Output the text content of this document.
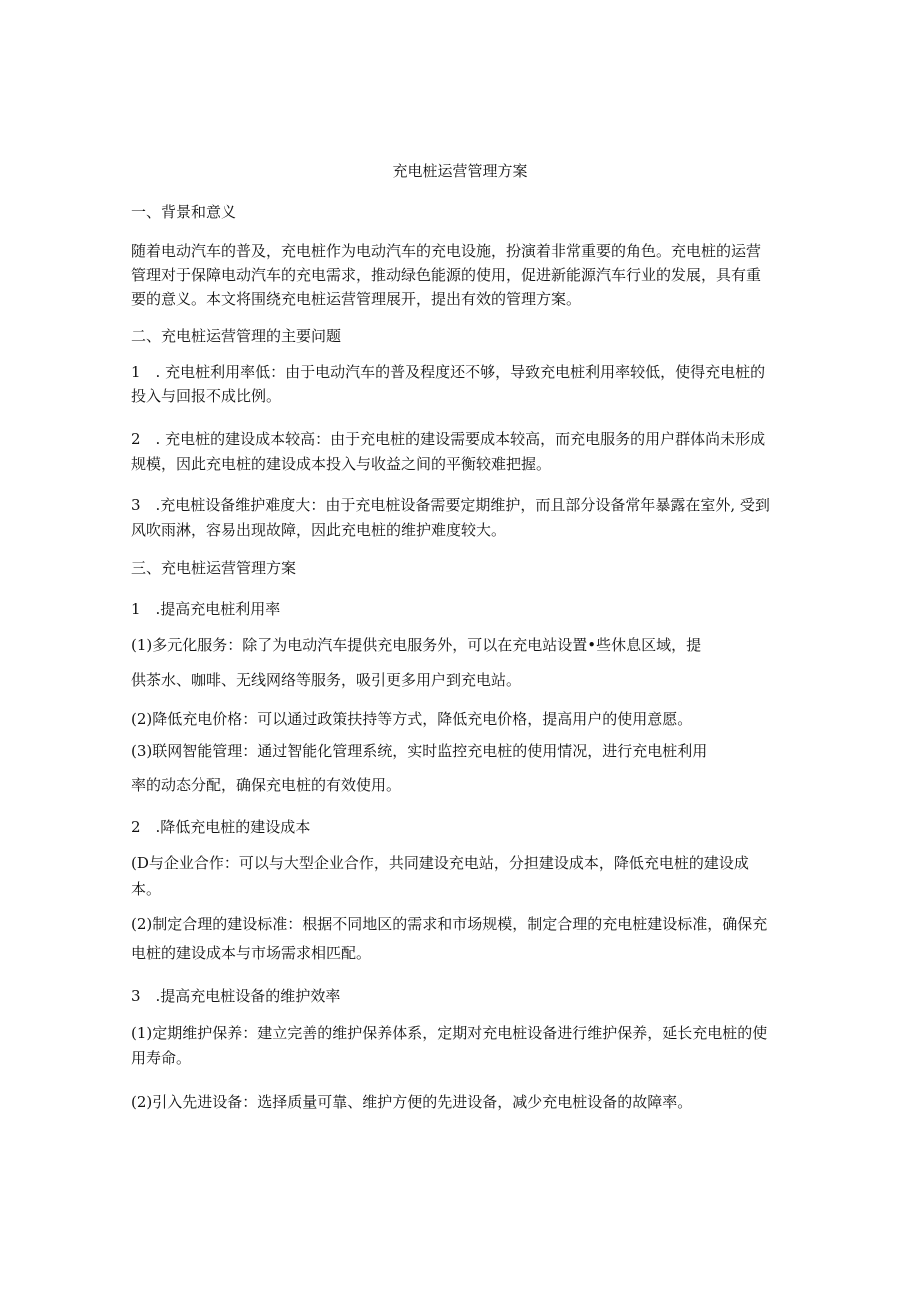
充电桩运营管理方案
一、背景和意义
随着电动汽车的普及，充电桩作为电动汽车的充电设施，扮演着非常重要的角色。充电桩的运营
管理对于保障电动汽车的充电需求，推动绿色能源的使用，促进新能源汽车行业的发展，具有重
要的意义。本文将围绕充电桩运营管理展开，提出有效的管理方案。
二、充电桩运营管理的主要问题
1　. 充电桩利用率低：由于电动汽车的普及程度还不够，导致充电桩利用率较低，使得充电桩的
投入与回报不成比例。
2　. 充电桩的建设成本较高：由于充电桩的建设需要成本较高，而充电服务的用户群体尚未形成
规模，因此充电桩的建设成本投入与收益之间的平衡较难把握。
3　.充电桩设备维护难度大：由于充电桩设备需要定期维护，而且部分设备常年暴露在室外, 受到
风吹雨淋，容易出现故障，因此充电桩的维护难度较大。
三、充电桩运营管理方案
1　.提高充电桩利用率
(1)多元化服务：除了为电动汽车提供充电服务外，可以在充电站设置•些休息区域，提
供茶水、咖啡、无线网络等服务，吸引更多用户到充电站。
(2)降低充电价格：可以通过政策扶持等方式，降低充电价格，提高用户的使用意愿。
(3)联网智能管理：通过智能化管理系统，实时监控充电桩的使用情况，进行充电桩利用
率的动态分配，确保充电桩的有效使用。
2　.降低充电桩的建设成本
(D与企业合作：可以与大型企业合作，共同建设充电站，分担建设成本，降低充电桩的建设成
本。
(2)制定合理的建设标准：根据不同地区的需求和市场规模，制定合理的充电桩建设标准，确保充
电桩的建设成本与市场需求相匹配。
3　.提高充电桩设备的维护效率
(1)定期维护保养：建立完善的维护保养体系，定期对充电桩设备进行维护保养，延长充电桩的使
用寿命。
(2)引入先进设备：选择质量可靠、维护方便的先进设备，减少充电桩设备的故障率。
